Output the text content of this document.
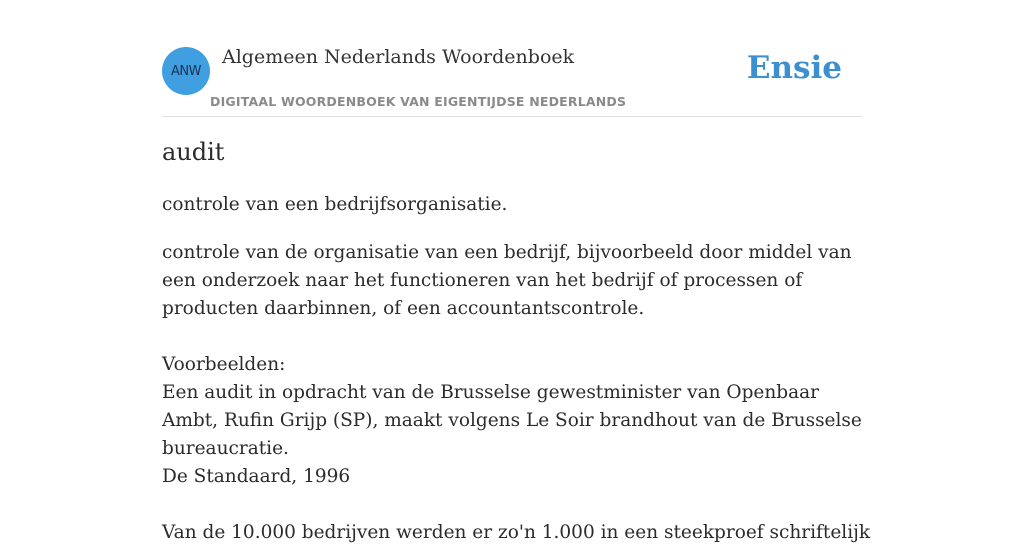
ANW
Algemeen Nederlands Woordenboek
DIGITAAL WOORDENBOEK VAN EIGENTIJDSE NEDERLANDS
Ensie
audit
controle van een bedrijfsorganisatie.

controle van de organisatie van een bedrijf, bijvoorbeeld door middel van een onderzoek naar het functioneren van het bedrijf of processen of producten daarbinnen, of een accountantscontrole.

Voorbeelden:

Een audit in opdracht van de Brusselse gewestminister van Openbaar Ambt, Rufin Grijp (SP), maakt volgens Le Soir brandhout van de Brusselse bureaucratie.

De Standaard, 1996

Van de 10.000 bedrijven werden er zo'n 1.000 in een steekproef schriftelijk
